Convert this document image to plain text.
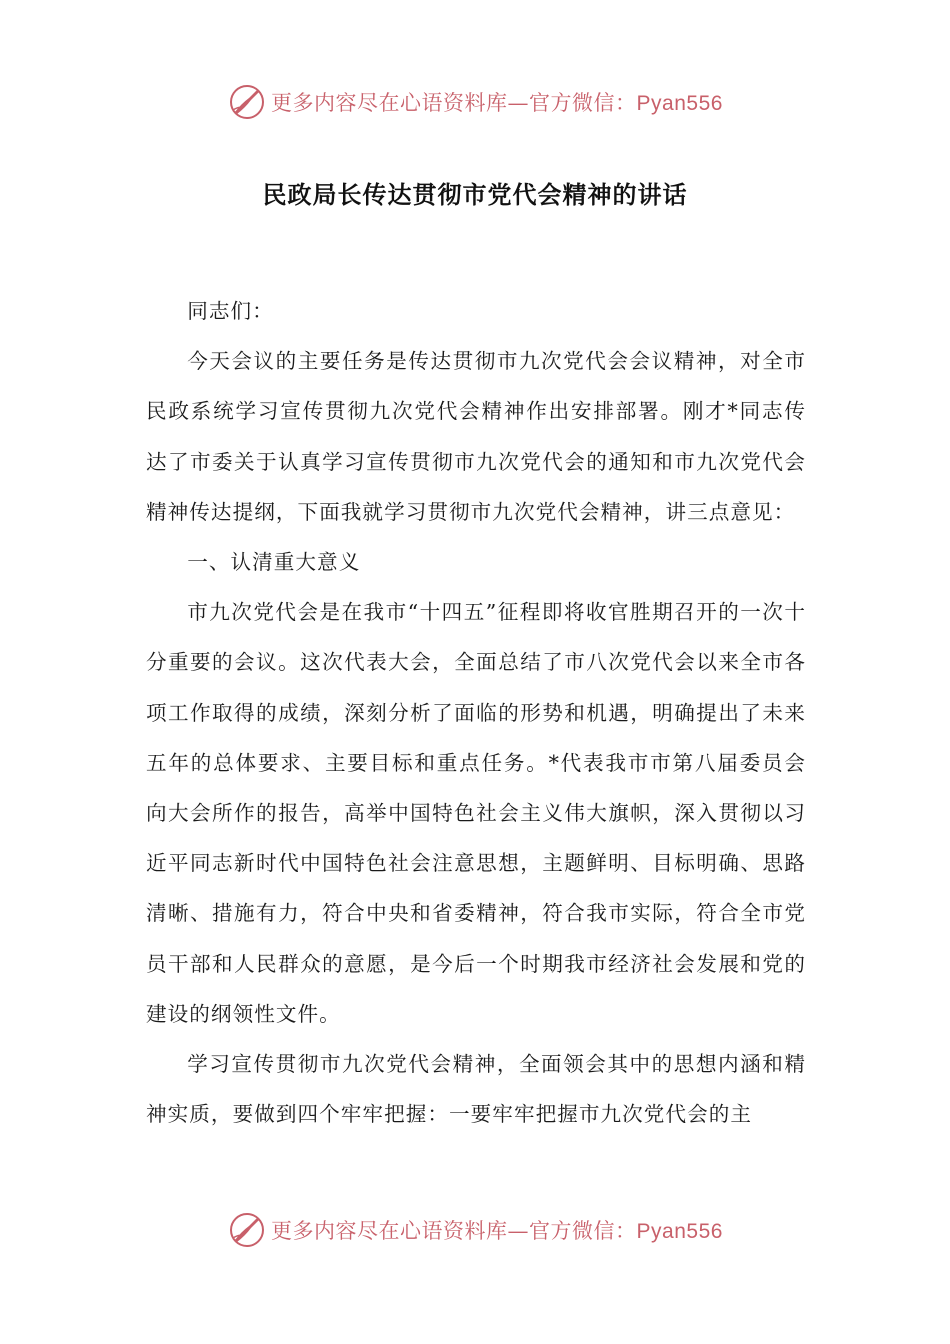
更多内容尽在心语资料库—官方微信：Pyan556
民政局长传达贯彻市党代会精神的讲话

同志们：

今天会议的主要任务是传达贯彻市九次党代会会议精神，对全市民政系统学习宣传贯彻九次党代会精神作出安排部署。刚才*同志传达了市委关于认真学习宣传贯彻市九次党代会的通知和市九次党代会精神传达提纲，下面我就学习贯彻市九次党代会精神，讲三点意见：

一、认清重大意义

市九次党代会是在我市“十四五”征程即将收官胜期召开的一次十分重要的会议。这次代表大会，全面总结了市八次党代会以来全市各项工作取得的成绩，深刻分析了面临的形势和机遇，明确提出了未来五年的总体要求、主要目标和重点任务。*代表我市市第八届委员会向大会所作的报告，高举中国特色社会主义伟大旗帜，深入贯彻以习近平同志新时代中国特色社会注意思想，主题鲜明、目标明确、思路清晰、措施有力，符合中央和省委精神，符合我市实际，符合全市党员干部和人民群众的意愿，是今后一个时期我市经济社会发展和党的建设的纲领性文件。

学习宣传贯彻市九次党代会精神，全面领会其中的思想内涵和精神实质，要做到四个牢牢把握：一要牢牢把握市九次党代会的主

更多内容尽在心语资料库—官方微信：Pyan556
